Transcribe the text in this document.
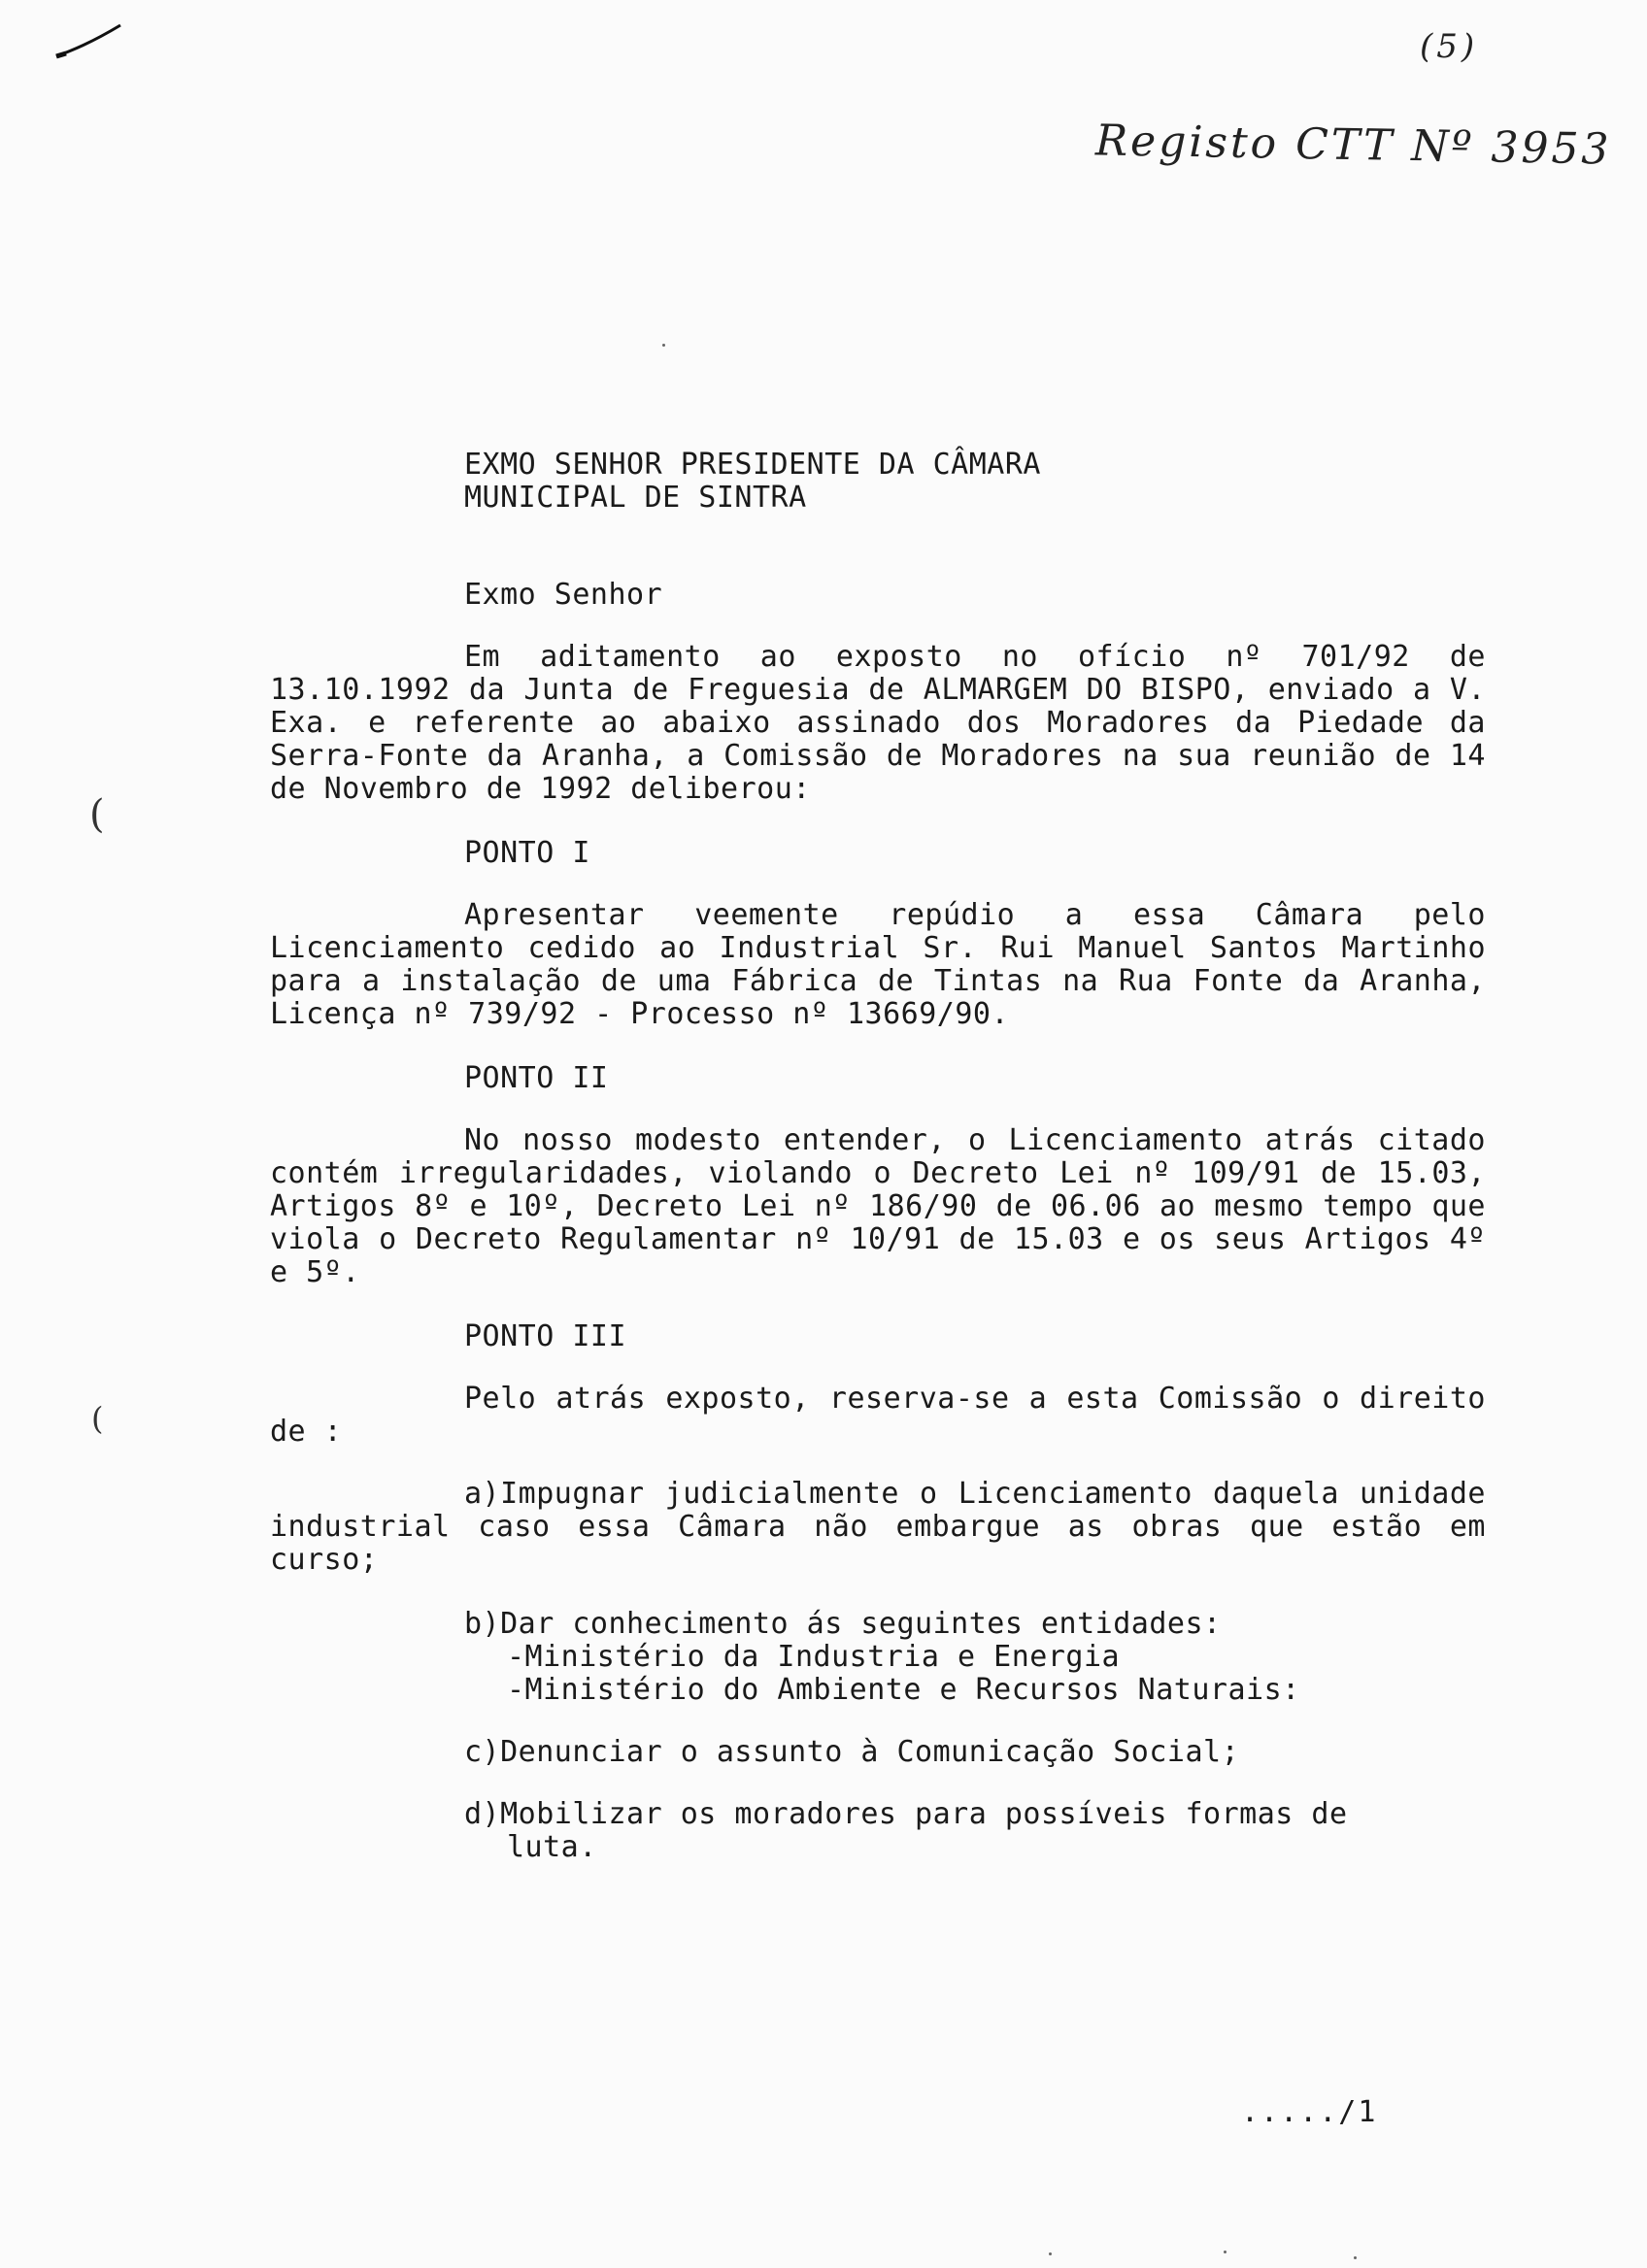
(5)
Registo CTT Nº 3953
(
(
EXMO SENHOR PRESIDENTE DA CÂMARA
MUNICIPAL DE SINTRA
Exmo Senhor
Em aditamento ao exposto no ofício nº 701/92 de 13.10.1992 da Junta de Freguesia de ALMARGEM DO BISPO, enviado a V. Exa. e referente ao abaixo assinado dos Moradores da Piedade da Serra-Fonte da Aranha, a Comissão de Moradores na sua reunião de 14 de Novembro de 1992 deliberou:
PONTO I
Apresentar veemente repúdio a essa Câmara pelo Licenciamento cedido ao Industrial Sr. Rui Manuel Santos Martinho para a instalação de uma Fábrica de Tintas na Rua Fonte da Aranha, Licença nº 739/92 - Processo nº 13669/90.
PONTO II
No nosso modesto entender, o Licenciamento atrás citado contém irregularidades, violando o Decreto Lei nº 109/91 de 15.03, Artigos 8º e 10º, Decreto Lei nº 186/90 de 06.06 ao mesmo tempo que viola o Decreto Regulamentar nº 10/91 de 15.03 e os seus Artigos 4º e 5º.
PONTO III
Pelo atrás exposto, reserva-se a esta Comissão o direito de :
a)Impugnar judicialmente o Licenciamento daquela unidade industrial caso essa Câmara não embargue as obras que estão em curso;
b)Dar conhecimento ás seguintes entidades:
-Ministério da Industria e Energia
-Ministério do Ambiente e Recursos Naturais:
c)Denunciar o assunto à Comunicação Social;
d)Mobilizar os moradores para possíveis formas de
luta.
...../1
